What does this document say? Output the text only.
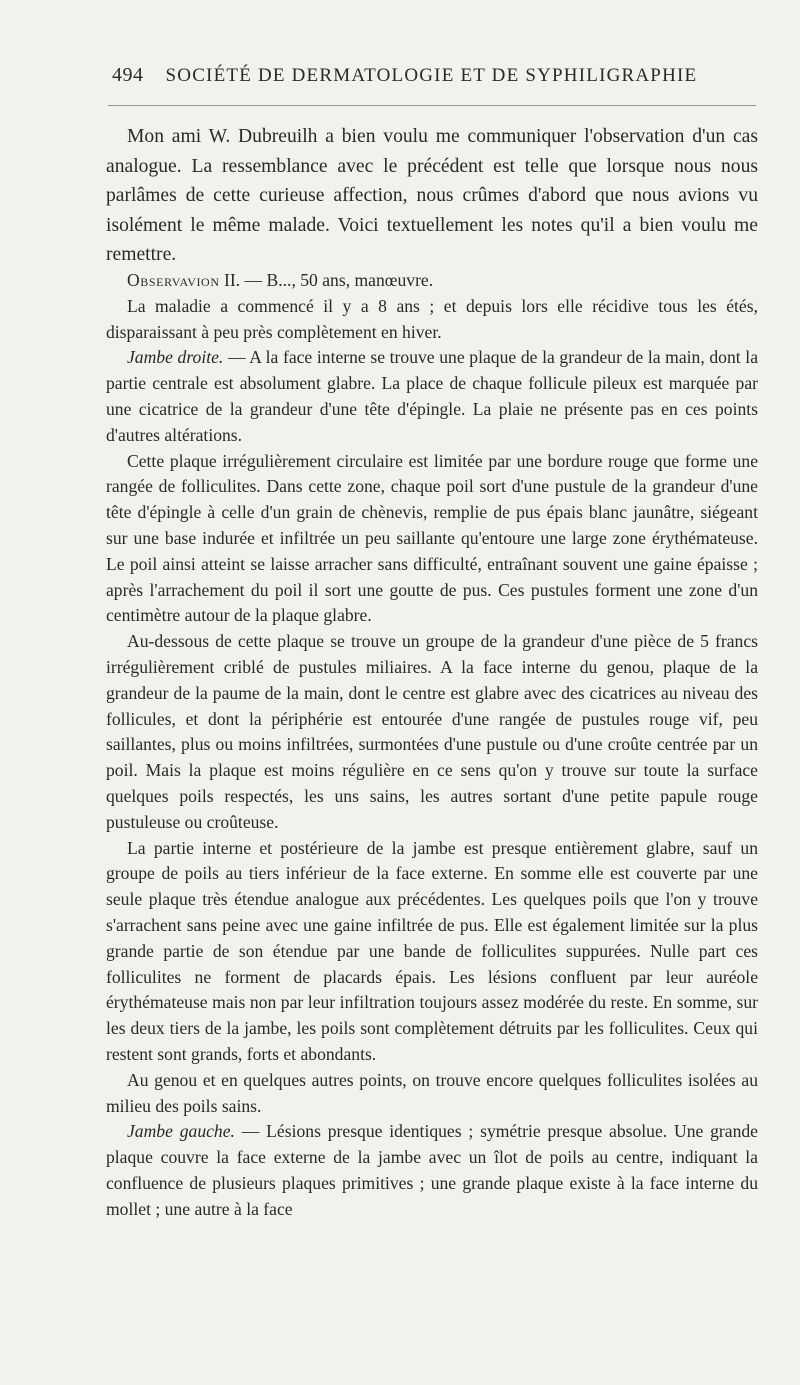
494 SOCIÉTÉ DE DERMATOLOGIE ET DE SYPHILIGRAPHIE

Mon ami W. Dubreuilh a bien voulu me communiquer l'observation d'un cas analogue. La ressemblance avec le précédent est telle que lorsque nous nous parlâmes de cette curieuse affection, nous crûmes d'abord que nous avions vu isolément le même malade. Voici textuellement les notes qu'il a bien voulu me remettre.

Observavion II. — B..., 50 ans, manœuvre.

La maladie a commencé il y a 8 ans ; et depuis lors elle récidive tous les étés, disparaissant à peu près complètement en hiver.

Jambe droite. — A la face interne se trouve une plaque de la grandeur de la main, dont la partie centrale est absolument glabre. La place de chaque follicule pileux est marquée par une cicatrice de la grandeur d'une tête d'épingle. La plaie ne présente pas en ces points d'autres altérations.

Cette plaque irrégulièrement circulaire est limitée par une bordure rouge que forme une rangée de folliculites. Dans cette zone, chaque poil sort d'une pustule de la grandeur d'une tête d'épingle à celle d'un grain de chènevis, remplie de pus épais blanc jaunâtre, siégeant sur une base indurée et infiltrée un peu saillante qu'entoure une large zone érythémateuse. Le poil ainsi atteint se laisse arracher sans difficulté, entraînant souvent une gaine épaisse ; après l'arrachement du poil il sort une goutte de pus. Ces pustules forment une zone d'un centimètre autour de la plaque glabre.

Au-dessous de cette plaque se trouve un groupe de la grandeur d'une pièce de 5 francs irrégulièrement criblé de pustules miliaires. A la face interne du genou, plaque de la grandeur de la paume de la main, dont le centre est glabre avec des cicatrices au niveau des follicules, et dont la périphérie est entourée d'une rangée de pustules rouge vif, peu saillantes, plus ou moins infiltrées, surmontées d'une pustule ou d'une croûte centrée par un poil. Mais la plaque est moins régulière en ce sens qu'on y trouve sur toute la surface quelques poils respectés, les uns sains, les autres sortant d'une petite papule rouge pustuleuse ou croûteuse.

La partie interne et postérieure de la jambe est presque entièrement glabre, sauf un groupe de poils au tiers inférieur de la face externe. En somme elle est couverte par une seule plaque très étendue analogue aux précédentes. Les quelques poils que l'on y trouve s'arrachent sans peine avec une gaine infiltrée de pus. Elle est également limitée sur la plus grande partie de son étendue par une bande de folliculites suppurées. Nulle part ces folliculites ne forment de placards épais. Les lésions confluent par leur auréole érythémateuse mais non par leur infiltration toujours assez modérée du reste. En somme, sur les deux tiers de la jambe, les poils sont complètement détruits par les folliculites. Ceux qui restent sont grands, forts et abondants.

Au genou et en quelques autres points, on trouve encore quelques folliculites isolées au milieu des poils sains.

Jambe gauche. — Lésions presque identiques ; symétrie presque absolue. Une grande plaque couvre la face externe de la jambe avec un îlot de poils au centre, indiquant la confluence de plusieurs plaques primitives ; une grande plaque existe à la face interne du mollet ; une autre à la face
